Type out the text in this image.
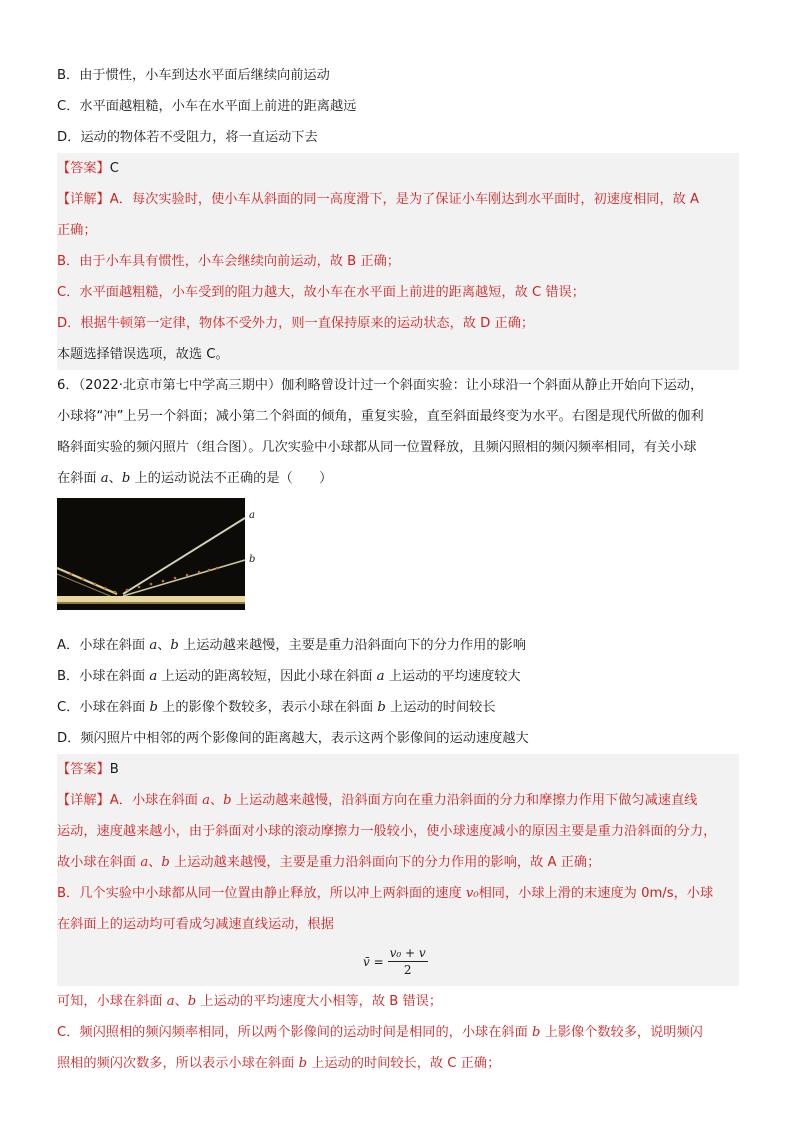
B．由于惯性，小车到达水平面后继续向前运动
C．水平面越粗糙，小车在水平面上前进的距离越远
D．运动的物体若不受阻力，将一直运动下去
【答案】C
【详解】A．每次实验时，使小车从斜面的同一高度滑下，是为了保证小车刚达到水平面时，初速度相同，故 A
正确；
B．由于小车具有惯性，小车会继续向前运动，故 B 正确；
C．水平面越粗糙，小车受到的阻力越大，故小车在水平面上前进的距离越短，故 C 错误；
D．根据牛顿第一定律，物体不受外力，则一直保持原来的运动状态，故 D 正确；
本题选择错误选项，故选 C。
6．（2022·北京市第七中学高三期中）伽利略曾设计过一个斜面实验：让小球沿一个斜面从静止开始向下运动，
小球将“冲”上另一个斜面；减小第二个斜面的倾角，重复实验，直至斜面最终变为水平。右图是现代所做的伽利
略斜面实验的频闪照片（组合图）。几次实验中小球都从同一位置释放，且频闪照相的频闪频率相同，有关小球
在斜面 a、b 上的运动说法不正确的是（　　）
a
b
A．小球在斜面 a、b 上运动越来越慢，主要是重力沿斜面向下的分力作用的影响
B．小球在斜面 a 上运动的距离较短，因此小球在斜面 a 上运动的平均速度较大
C．小球在斜面 b 上的影像个数较多，表示小球在斜面 b 上运动的时间较长
D．频闪照片中相邻的两个影像间的距离越大，表示这两个影像间的运动速度越大
【答案】B
【详解】A．小球在斜面 a、b 上运动越来越慢，沿斜面方向在重力沿斜面的分力和摩擦力作用下做匀减速直线
运动，速度越来越小，由于斜面对小球的滚动摩擦力一般较小，使小球速度减小的原因主要是重力沿斜面的分力，
故小球在斜面 a、b 上运动越来越慢，主要是重力沿斜面向下的分力作用的影响，故 A 正确；
B．几个实验中小球都从同一位置由静止释放，所以冲上两斜面的速度 v₀相同，小球上滑的末速度为 0m/s，小球
在斜面上的运动均可看成匀减速直线运动，根据
v̄ = $\frac{\text{v₀ + v}}{2}$
可知，小球在斜面 a、b 上运动的平均速度大小相等，故 B 错误；
C．频闪照相的频闪频率相同，所以两个影像间的运动时间是相同的，小球在斜面 b 上影像个数较多，说明频闪
照相的频闪次数多，所以表示小球在斜面 b 上运动的时间较长，故 C 正确；
